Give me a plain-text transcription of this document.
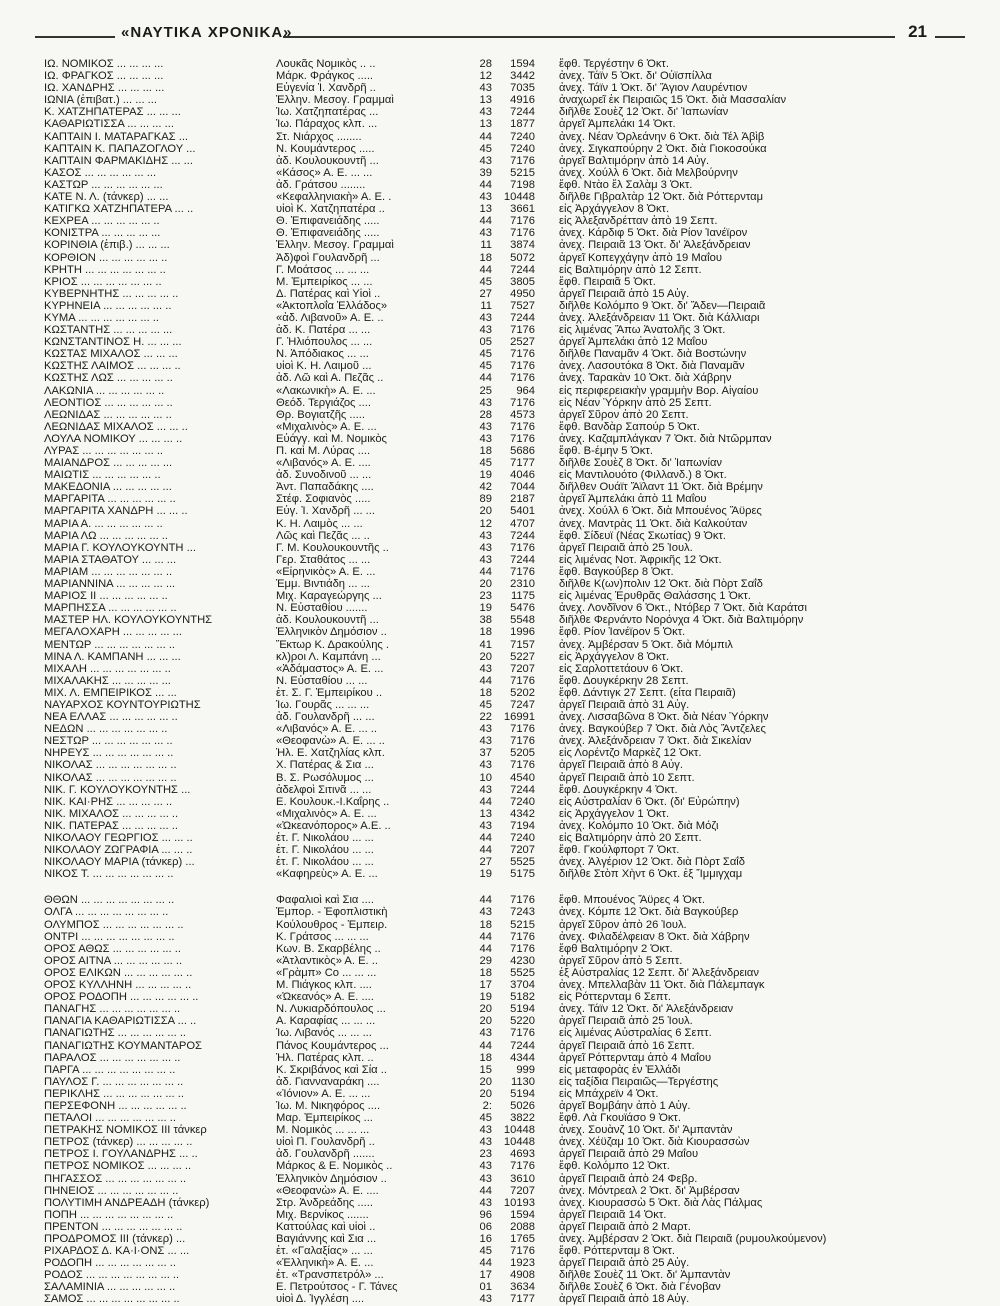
«ΝΑΥΤΙΚΑ ΧΡΟΝΙΚΑ»	21
ΙΩ. ΝΟΜΙΚΟΣ ... ... ... ...	Λουκᾶς Νομικὸς .. ..	28	1594 ἔφθ. Τεργέστην 6 Ὀκτ.
ΙΩ. ΦΡΑΓΚΟΣ ... ... ... ...	Μάρκ. Φράγκος .....	12	3442 ἀνεχ. Τάϊν 5 Ὀκτ. δι' Οὐϊσπίλλα
ΙΩ. ΧΑΝΔΡΗΣ ... ... ... ...	Εὐγενία Ἰ. Χανδρῆ ..	43	7035 ἀνεχ. Τάϊν 1 Ὀκτ. δι' Ἅγιον Λαυρέντιον
ΙΩΝΙΑ (ἐπιβατ.) ... ... ...	Ἑλλην. Μεσογ. Γραμμαὶ	13	4916 ἀναχωρεῖ ἐκ Πειραιῶς 15 Ὀκτ. διὰ Μασσαλίαν
Κ. ΧΑΤΖΗΠΑΤΕΡΑΣ ... ... ...	Ἰω. Χατζηπατέρας ...	43	7244 διῆλθε Σουὲζ 12 Ὀκτ. δι' Ἰαπωνίαν
ΚΑΘΑΡΙΩΤΙΣΣΑ ... ... ... ...	Ἰω. Πάραχος κλπ. ...	13	1877 ἀργεῖ Ἀμπελάκι 14 Ὀκτ.
ΚΑΠΤΑΙΝ Ι. ΜΑΤΑΡΑΓΚΑΣ ...	Στ. Νιάρχος ........	44	7240 ἀνεχ. Νέαν Ὀρλεάνην 6 Ὀκτ. διὰ Τέλ Ἀβὶβ
ΚΑΠΤΑΙΝ Κ. ΠΑΠΑΖΟΓΛΟΥ ...	Ν. Κουμάντερος .....	45	7240 ἀνεχ. Σιγκαπούρην 2 Ὀκτ. διὰ Γιοκοσούκα
ΚΑΠΤΑΙΝ ΦΑΡΜΑΚΙΔΗΣ ... ...	ἀδ. Κουλουκουντῆ ...	43	7176 ἀργεῖ Βαλτιμόρην ἀπὸ 14 Αὐγ.
ΚΑΣΟΣ ... ... ... ... ... ...	«Κάσος» Α. Ε. ... ...	39	5215 ἀνεχ. Χούλλ 6 Ὀκτ. διὰ Μελβούρνην
ΚΑΣΤΩΡ ... ... ... ... ... ...	ἀδ. Γράτσου ........	44	7198 ἔφθ. Ντὰο ἔλ Σαλὰμ 3 Ὀκτ.
ΚΑΤΕ Ν. Λ. (τάνκερ) ... ...	«Κεφαλληνιακὴ» Α. Ε. .	43	10448 διῆλθε Γιβραλτὰρ 12 Ὀκτ. διὰ Ρόττερνταμ
ΚΑΤΙΓΚΩ ΧΑΤΖΗΠΑΤΕΡΑ ... ..	υἱοὶ Κ. Χατζηπατέρα ..	13	3661 εἰς Ἀρχάγγελον 8 Ὀκτ.
ΚΕΧΡΕΑ ... ... ... ... ... ..	Θ. Ἐπιφανειάδης .....	44	7176 εἰς Ἀλεξανδρέτταν ἀπὸ 19 Σεπτ.
ΚΟΝΙΣΤΡΑ ... ... ... ... ...	Θ. Ἐπιφανειάδης .....	43	7176 ἀνεχ. Κάρδιφ 5 Ὀκτ. διὰ Ρίον Ἰανέϊρον
ΚΟΡΙΝΘΙΑ (ἐπιβ.) ... ... ...	Ἑλλην. Μεσογ. Γραμμαὶ	11	3874 ἀνεχ. Πειραιᾶ 13 Ὀκτ. δι' Ἀλεξάνδρειαν
ΚΟΡΘΙΟΝ ... ... ... ... ... ..	Ἀδ)φοὶ Γουλανδρῆ ...	18	5072 ἀργεῖ Κοπεγχάγην ἀπὸ 19 Μαΐου
ΚΡΗΤΗ ... ... ... ... ... ... ..	Γ. Μοάτσος ... ... ...	44	7244 εἰς Βαλτιμόρην ἀπὸ 12 Σεπτ.
ΚΡΙΟΣ ... ... ... ... ... ... ..	Μ. Ἐμπειρίκος ... ...	45	3805 ἔφθ. Πειραιᾶ 5 Ὀκτ.
ΚΥΒΕΡΝΗΤΗΣ ... ... ... ... ..	Δ. Πατέρας καὶ Υἱοὶ ..	27	4950 ἀργεῖ Πειραιᾶ ἀπὸ 15 Αὐγ.
ΚΥΡΗΝΕΙΑ ... ... ... ... ... ..	«Ἀκτοπλοΐα Ἑλλάδος»	11	7527 διῆλθε Κολόμπο 9 Ὀκτ. δι' Ἄδεν—Πειραιᾶ
ΚΥΜΑ ... ... ... ... ... ... ..	«ἀδ. Λιβανοῦ» Α. Ε. ..	43	7244 ἀνεχ. Ἀλεξάνδρειαν 11 Ὀκτ. διὰ Κάλλιαρι
ΚΩΣΤΑΝΤΗΣ ... ... ... ... ...	ἀδ. Κ. Πατέρα ... ...	43	7176 εἰς λιμένας Ἄπω Ἀνατολῆς 3 Ὀκτ.
ΚΩΝΣΤΑΝΤΙΝΟΣ Η. ... ... ...	Γ. Ἡλιόπουλος ... ...	05	2527 ἀργεῖ Ἀμπελάκι ἀπὸ 12 Μαΐου
ΚΩΣΤΑΣ ΜΙΧΑΛΟΣ ... ... ...	Ν. Ἀπόδιακος ... ...	45	7176 διῆλθε Παναμᾶν 4 Ὀκτ. διὰ Βοστώνην
ΚΩΣΤΗΣ ΛΑΙΜΟΣ ... ... ... ..	υἱοὶ Κ. Η. Λαιμοῦ ...	45	7176 ἀνεχ. Λασουτόκα 8 Ὀκτ. διὰ Παναμᾶν
ΚΩΣΤΗΣ ΛΩΣ ... ... ... ... ..	ἀδ. Λῶ καὶ Α. Πεζᾶς ..	44	7176 ἀνεχ. Ταρακὰν 10 Ὀκτ. διὰ Χάβρην
ΛΑΚΩΝΙΑ ... ... ... ... ... ..	«Λακωνικὴ» Α. Ε. ...	25	964 εἰς περιφερειακὴν γραμμὴν Βορ. Αἰγαίου
ΛΕΟΝΤΙΟΣ ... ... ... ... ... ..	Θεόδ. Τεργιάζος ....	43	7176 εἰς Νέαν Ὑόρκην ἀπὸ 25 Σεπτ.
ΛΕΩΝΙΔΑΣ ... ... ... ... ... ..	Θρ. Βογιατζῆς .....	28	4573 ἀργεῖ Σῦρον ἀπὸ 20 Σεπτ.
ΛΕΩΝΙΔΑΣ ΜΙΧΑΛΟΣ ... ... ..	«Μιχαλινὸς» Α. Ε. ...	43	7176 ἔφθ. Βανδὰρ Σαπούρ 5 Ὀκτ.
ΛΟΥΛΑ ΝΟΜΙΚΟΥ ... ... ... ..	Εὐάγγ. καὶ Μ. Νομικὸς	43	7176 ἀνεχ. Καζαμπλάγκαν 7 Ὀκτ. διὰ Ντῶρμπαν
ΛΥΡΑΣ ... ... ... ... ... ... ..	Π. καὶ Μ. Λύρας ....	18	5686 ἔφθ. Β-έμην 5 Ὀκτ.
ΜΑΙΑΝΔΡΟΣ ... ... ... ... ...	«Λιβανός» Α. Ε. ....	45	7177 διῆλθε Σουὲζ 8 Ὀκτ. δι' Ἰαπωνίαν
ΜΑΙΩΤΙΣ ... ... ... ... ... ..	ἀδ. Συνοδινοῦ ... ...	19	4046 εἰς Μαντιλουότο (Φιλλανδ.) 8 Ὀκτ.
ΜΑΚΕΔΟΝΙΑ ... ... ... ... ...	Ἀντ. Παπαδάκης ....	42	7044 διῆλθεν Ουάϊτ Ἄϊλαντ 11 Ὀκτ. διὰ Βρέμην
ΜΑΡΓΑΡΙΤΑ ... ... ... ... ... ..	Στέφ. Σοφιανὸς .....	89	2187 ἀργεῖ Ἀμπελάκι ἀπὸ 11 Μαΐου
ΜΑΡΓΑΡΙΤΑ ΧΑΝΔΡΗ ... ... ..	Εὐγ. Ἰ. Χανδρῆ ... ...	20	5401 ἀνεχ. Χούλλ 6 Ὀκτ. διὰ Μπουένος Ἄϋρες
ΜΑΡΙΑ Α. ... ... ... ... ... ..	Κ. Η. Λαιμὸς ... ...	12	4707 ἀνεχ. Μαντρὰς 11 Ὀκτ. διὰ Καλκούταν
ΜΑΡΙΑ ΛΩ ... ... ... ... ... ..	Λῶς καὶ Πεζᾶς ... ..	43	7244 ἔφθ. Σίδευϊ (Νέας Σκωτίας) 9 Ὀκτ.
ΜΑΡΙΑ Γ. ΚΟΥΛΟΥΚΟΥΝΤΗ ...	Γ. Μ. Κουλουκουντῆς ..	43	7176 ἀργεῖ Πειραιᾶ ἀπὸ 25 Ἰουλ.
ΜΑΡΙΑ ΣΤΑΘΑΤΟΥ ... ... ...	Γερ. Σταθάτος ... ...	43	7244 εἰς λιμένας Νοτ. Ἀφρικῆς 12 Ὀκτ.
ΜΑΡΙΑΜ ... ... ... ... ... ... ..	«Εἰρηνικὸς» Α. Ε. ...	44	7176 ἔφθ. Βαγκούβερ 8 Ὀκτ.
ΜΑΡΙΑΝΝΙΝΑ ... ... ... ... ...	Ἐμμ. Βιντιάδη ... ...	20	2310 διῆλθε Κ(ων)πολιν 12 Ὀκτ. διὰ Πὸρτ Σαΐδ
ΜΑΡΙΟΣ ΙΙ ... ... ... ... ... ..	Μιχ. Καραγεώργης ...	23	1175 εἰς λιμένας Ἐρυθρᾶς Θαλάσσης 1 Ὀκτ.
ΜΑΡΠΗΣΣΑ ... ... ... ... ... ..	Ν. Εὐσταθίου .......	19	5476 ἀνεχ. Λονδῖνον 6 Ὀκτ., Ντόβερ 7 Ὀκτ. διὰ Καράτσι
ΜΑΣΤΕΡ ΗΛ. ΚΟΥΛΟΥΚΟΥΝΤΗΣ	ἀδ. Κουλουκουντῆ ...	38	5548 διῆλθε Φερνάντο Νορόνχα 4 Ὀκτ. διὰ Βαλτιμόρην
ΜΕΓΑΛΟΧΑΡΗ ... ... ... ... ...	Ἑλληνικὸν Δημόσιον ..	18	1996 ἔφθ. Ρίον Ἰανέϊρον 5 Ὀκτ.
ΜΕΝΤΩΡ ... ... ... ... ... ... ..	Ἕκτωρ Κ. Δρακούλης .	41	7157 ἀνεχ. Ἀμβέρσαν 5 Ὀκτ. διὰ Μόμπιλ
ΜΙΝΑ Λ. ΚΑΜΠΑΝΗ ... ... ...	κλ)ροι Λ. Καμπάνη ...	20	5227 εἰς Ἀρχάγγελον 8 Ὀκτ.
ΜΙΧΑΛΗ ... ... ... ... ... ... ..	«Ἀδάμαστος» Α. Ε. ...	43	7207 εἰς Σαρλοττετάουν 6 Ὀκτ.
ΜΙΧΑΛΑΚΗΣ ... ... ... ... ...	Ν. Εὐσταθίου ... ...	44	7176 ἔφθ. Δουγκέρκην 28 Σεπτ.
ΜΙΧ. Λ. ΕΜΠΕΙΡΙΚΟΣ ... ...	ἐτ. Σ. Γ. Ἐμπειρίκου ..	18	5202 ἔφθ. Δάντιγκ 27 Σεπτ. (εἶτα Πειραιᾶ)
ΝΑΥΑΡΧΟΣ ΚΟΥΝΤΟΥΡΙΩΤΗΣ	Ἰω. Γουρᾶς ... ... ...	45	7247 ἀργεῖ Πειραιᾶ ἀπὸ 31 Αὐγ.
ΝΕΑ ΕΛΛΑΣ ... ... ... ... ... ..	ἀδ. Γουλανδρῆ ... ...	22	16991 ἀνεχ. Λισσαβῶνα 8 Ὀκτ. διὰ Νέαν Ὑόρκην
ΝΕΔΩΝ ... ... ... ... ... ... ..	«Λιβανός» Α. Ε. ... ..	43	7176 ἀνεχ. Βαγκούβερ 7 Ὀκτ. διὰ Λὸς Ἄντζελες
ΝΕΣΤΩΡ ... ... ... ... ... ... ..	«Θεοφανὼ» Α. Ε. ... ..	43	7176 ἀνεχ. Ἀλεξάνδρειαν 7 Ὀκτ. διὰ Σικελίαν
ΝΗΡΕΥΣ ... ... ... ... ... ... ..	Ἡλ. Ε. Χατζηλίας κλπ.	37	5205 εἰς Λορέντζο Μαρκὲζ 12 Ὀκτ.
ΝΙΚΟΛΑΣ ... ... ... ... ... ... ..	Χ. Πατέρας & Σια ...	43	7176 ἀργεῖ Πειραιᾶ ἀπὸ 8 Αὐγ.
ΝΙΚΟΛΑΣ ... ... ... ... ... ... ..	Β. Σ. Ρωσόλυμος ...	10	4540 ἀργεῖ Πειραιᾶ ἀπὸ 10 Σεπτ.
ΝΙΚ. Γ. ΚΟΥΛΟΥΚΟΥΝΤΗΣ ...	ἀδελφοὶ Σιτινᾶ ... ...	43	7244 ἔφθ. Δουγκέρκην 4 Ὀκτ.
ΝΙΚ. ΚΑΙ·ΡΗΣ ... ... ... ... ..	Ε. Κουλουκ.-Ι.Καΐρης ..	44	7240 εἰς Αὐστραλίαν 6 Ὀκτ. (δι' Εὐρώπην)
ΝΙΚ. ΜΙΧΑΛΟΣ ... ... ... ... ..	«Μιχαλινὸς» Α. Ε. ...	13	4342 εἰς Ἀρχάγγελον 1 Ὀκτ.
ΝΙΚ. ΠΑΤΕΡΑΣ ... ... ... ... ..	«Ὠκεανόπορος» Α.Ε. ..	43	7194 ἀνεχ. Κολόμπο 10 Ὀκτ. διὰ Μόζι
ΝΙΚΟΛΑΟΥ ΓΕΩΡΓΙΟΣ ... ... ..	ἐτ. Γ. Νικολάου ... ...	44	7240 εἰς Βαλτιμόρην ἀπὸ 20 Σεπτ.
ΝΙΚΟΛΑΟΥ ΖΩΓΡΑΦΙΑ ... ... ..	ἐτ. Γ. Νικολάου ... ...	44	7207 ἔφθ. Γκούλφπορτ 7 Ὀκτ.
ΝΙΚΟΛΑΟΥ ΜΑΡΙΑ (τάνκερ) ...	ἐτ. Γ. Νικολάου ... ...	27	5525 ἀνεχ. Ἀλγέριον 12 Ὀκτ. διὰ Πὸρτ Σαΐδ
ΝΙΚΟΣ Τ. ... ... ... ... ... ... ..	«Καφηρεὺς» Α. Ε. ...	19	5175 διῆλθε Στὸπ Χὴντ 6 Ὀκτ. ἐξ Ἴμμιγχαμ
ΘΘΩΝ ... ... ... ... ... ... ... ..	Φαφαλιοὶ καὶ Σια ....	44	7176 ἔφθ. Μπουένος Ἄϋρες 4 Ὀκτ.
ΟΛΓΑ ... ... ... ... ... ... ... ..	Ἐμπορ. - Ἐφοπλιστικὴ	43	7243 ἀνεχ. Κόμπε 12 Ὀκτ. διὰ Βαγκούβερ
ΟΛΥΜΠΟΣ ... ... ... ... ... ... ..	Κούλουθρος - Ἐμπειρ.	18	5215 ἀργεῖ Σῦρον ἀπὸ 26 Ἰουλ.
ΟΝΤΡΙ ... ... ... ... ... ... ... ..	Κ. Γράτσος ... ... ...	44	7176 ἀνεχ. Φιλαδέλφειαν 8 Ὀκτ. διὰ Χάβρην
ΟΡΟΣ ΑΘΩΣ ... ... ... ... ... ..	Κων. Β. Σκαρβέλης ..	44	7176 ἔφθ Βαλτιμόρην 2 Ὀκτ.
ΟΡΟΣ ΑΙΤΝΑ ... ... ... ... ... ..	«Ἀτλαντικὸς» Α. Ε. ..	29	4230 ἀργεῖ Σῦρον ἀπὸ 5 Σεπτ.
ΟΡΟΣ ΕΛΙΚΩΝ ... ... ... ... ... ..	«Γρὰμπ» Co ... ... ...	18	5525 ἐξ Αὐστραλίας 12 Σεπτ. δι' Ἀλεξάνδρειαν
ΟΡΟΣ ΚΥΛΛΗΝΗ ... ... ... ... ..	Μ. Πιάγκος κλπ. ....	17	3704 ἀνεχ. Μπελλαβὰν 11 Ὀκτ. διὰ Πάλεμπαγκ
ΟΡΟΣ ΡΟΔΟΠΗ ... ... ... ... ... ..	«Ὠκεανός» Α. Ε. ....	19	5182 εἰς Ρόττερνταμ 6 Σεπτ.
ΠΑΝΑΓΗΣ ... ... ... ... ... ... ..	Ν. Λυκιαρδόπουλος ...	20	5194 ἀνεχ. Τάϊν 12 Ὀκτ. δι' Ἀλεξάνδρειαν
ΠΑΝΑΓΙΑ ΚΑΘΑΡΙΩΤΙΣΣΑ ... ..	Α. Καραφίας ... ... ...	20	5220 ἀργεῖ Πειραιᾶ ἀπὸ 25 Ἰουλ.
ΠΑΝΑΓΙΩΤΗΣ ... ... ... ... ... ..	Ἰω. Λιβανός ... ... ...	43	7176 εἰς λιμένας Αὐστραλίας 6 Σεπτ.
ΠΑΝΑΓΙΩΤΗΣ ΚΟΥΜΑΝΤΑΡΟΣ	Πάνος Κουμάντερος ...	44	7244 ἀργεῖ Πειραιᾶ ἀπὸ 16 Σεπτ.
ΠΑΡΑΛΟΣ ... ... ... ... ... ... ..	Ἡλ. Πατέρας κλπ. ..	18	4344 ἀργεῖ Ρόττερνταμ ἀπὸ 4 Μαΐου
ΠΑΡΓΑ ... ... ... ... ... ... ... ..	Κ. Σκριβάνος καὶ Σία ..	15	999 εἰς μεταφορὰς ἐν Ἑλλάδι
ΠΑΥΛΟΣ Γ. ... ... ... ... ... ... ..	ἀδ. Γιανναναράκη ....	20	1130 εἰς ταξίδια Πειραιῶς—Τεργέστης
ΠΕΡΙΚΛΗΣ ... ... ... ... ... ... ..	«Ἰόνιον» Α. Ε. ... ...	20	5194 εἰς Μπάχρεϊν 4 Ὀκτ.
ΠΕΡΣΕΦΟΝΗ ... ... ... ... ... ..	Ἰω. Μ. Νικηφόρος ....	2:	5026 ἀργεῖ Βομβάην ἀπὸ 1 Αὐγ.
ΠΕΤΑΛΟΙ ... ... ... ... ... ... ..	Μαρ. Ἐμπειρίκος ...	45	3822 ἔφθ. Λὰ Γκουϊάσο 9 Ὀκτ.
ΠΕΤΡΑΚΗΣ ΝΟΜΙΚΟΣ ΙΙΙ τάνκερ	Μ. Νομικὸς ... ... ...	43	10448 ἀνεχ. Σουὰνζ 10 Ὀκτ. δι' Ἀμπαντὰν
ΠΕΤΡΟΣ (τάνκερ) ... ... ... ... ..	υἱοὶ Π. Γουλανδρῆ ..	43	10448 ἀνεχ. Χέϋζαμ 10 Ὀκτ. διὰ Κιουρασσὼν
ΠΕΤΡΟΣ Ι. ΓΟΥΛΑΝΔΡΗΣ ... ..	ἀδ. Γουλανδρῆ .......	23	4693 ἀργεῖ Πειραιᾶ ἀπὸ 29 Μαΐου
ΠΕΤΡΟΣ ΝΟΜΙΚΟΣ ... ... ... ..	Μάρκος & Ε. Νομικὸς ..	43	7176 ἔφθ. Κολόμπο 12 Ὀκτ.
ΠΗΓΑΣΣΟΣ ... ... ... ... ... ... ..	Ἑλληνικὸν Δημόσιον ..	43	3610 ἀργεῖ Πειραιᾶ ἀπὸ 24 Φεβρ.
ΠΗΝΕΙΟΣ ... ... ... ... ... ... ..	«Θεοφανὼ» Α. Ε. ....	44	7207 ἀνεχ. Μόντρεαλ 2 Ὀκτ. δι' Ἀμβέρσαν
ΠΟΛΥΤΙΜΗ ΑΝΔΡΕΑΔΗ (τάνκερ)	Στρ. Ἀνδρεάδης .....	43	10193 ἀνεχ. Κιουρασσὼ 5 Ὀκτ. διὰ Λὰς Πάλμας
ΠΟΠΗ ... ... ... ... ... ... ... ..	Μιχ. Βερνίκος .......	96	1594 ἀργεῖ Πειραιᾶ 14 Ὀκτ.
ΠΡΕΝΤΟΝ ... ... ... ... ... ... ..	Καττούλας καὶ υἱοὶ ..	06	2088 ἀργεῖ Πειραιᾶ ἀπὸ 2 Μαρτ.
ΠΡΟΔΡΟΜΟΣ ΙΙΙ (τάνκερ) ...	Βαγιάννης καὶ Σια ...	16	1765 ἀνεχ. Ἀμβέρσαν 2 Ὀκτ. διὰ Πειραιᾶ (ρυμουλκούμενον)
ΡΙΧΑΡΔΟΣ Δ. ΚΑ·Ι·ΟΝΣ ... ...	ἐτ. «Γαλαξίας» ... ...	45	7176 ἔφθ. Ρόττερνταμ 8 Ὀκτ.
ΡΟΔΟΠΗ ... ... ... ... ... ... ..	«Ἑλληνικὴ» Α. Ε. ...	44	1923 ἀργεῖ Πειραιᾶ ἀπὸ 25 Αὐγ.
ΡΟΔΟΣ ... ... ... ... ... ... ... ..	ἐτ. «Τρανσπετρόλ» ...	17	4908 διῆλθε Σουὲζ 11 Ὀκτ. δι' Ἀμπαντὰν
ΣΑΛΑΜΙΝΙΑ ... ... ... ... ... ..	Ε. Πετρούτσος - Γ. Τάνες	01	3634 διῆλθε Σουὲζ 6 Ὀκτ. διὰ Γένοβαν
ΣΑΜΟΣ ... ... ... ... ... ... ... ..	υἱοὶ Δ. Ἰγγλέση ....	43	7177 ἀργεῖ Πειραιᾶ ἀπὸ 18 Αὐγ.
